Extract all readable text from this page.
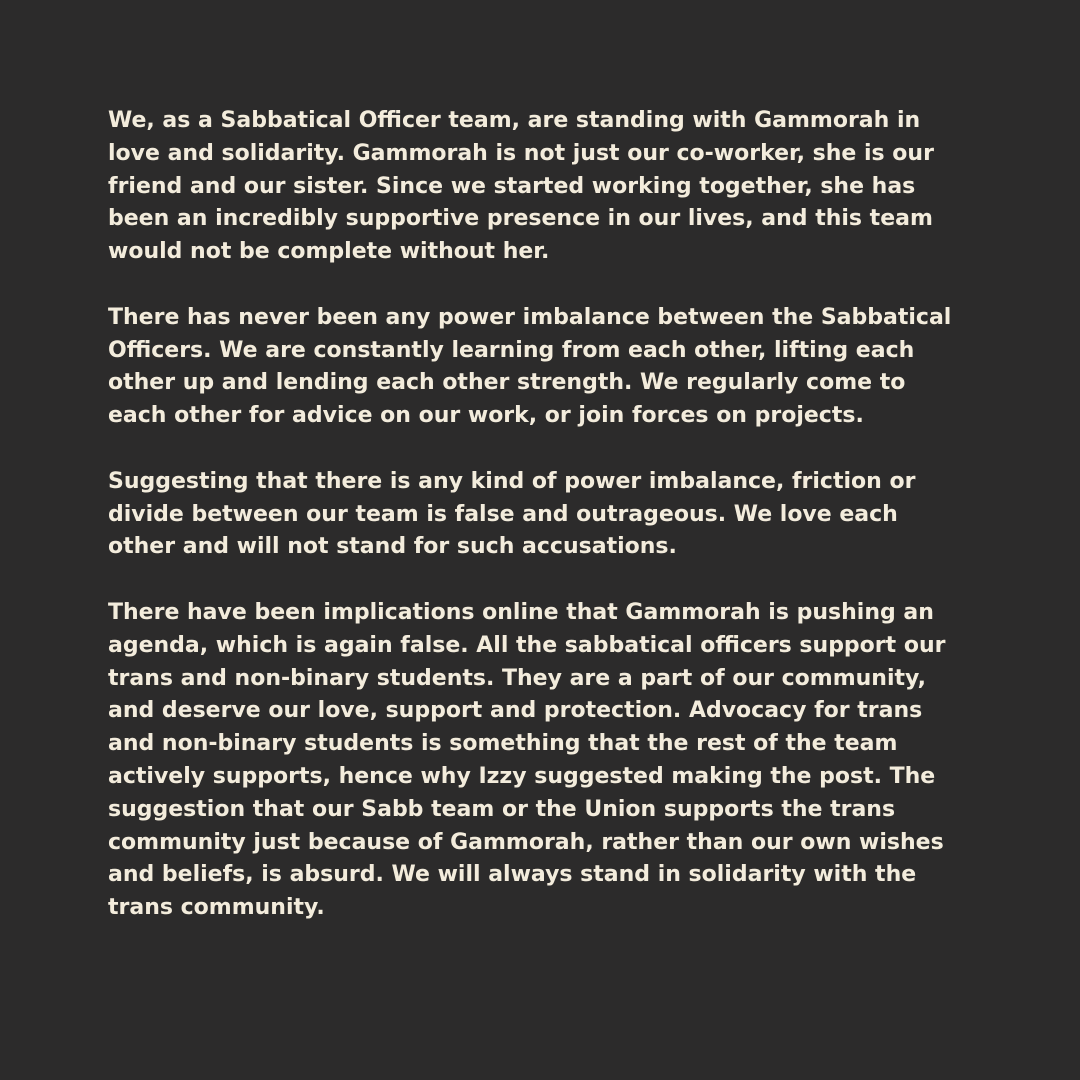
We, as a Sabbatical Officer team, are standing with Gammorah in
love and solidarity. Gammorah is not just our co-worker, she is our
friend and our sister. Since we started working together, she has
been an incredibly supportive presence in our lives, and this team
would not be complete without her.

There has never been any power imbalance between the Sabbatical
Officers. We are constantly learning from each other, lifting each
other up and lending each other strength. We regularly come to
each other for advice on our work, or join forces on projects.

Suggesting that there is any kind of power imbalance, friction or
divide between our team is false and outrageous. We love each
other and will not stand for such accusations.

There have been implications online that Gammorah is pushing an
agenda, which is again false. All the sabbatical officers support our
trans and non-binary students. They are a part of our community,
and deserve our love, support and protection. Advocacy for trans
and non-binary students is something that the rest of the team
actively supports, hence why Izzy suggested making the post. The
suggestion that our Sabb team or the Union supports the trans
community just because of Gammorah, rather than our own wishes
and beliefs, is absurd. We will always stand in solidarity with the
trans community.
